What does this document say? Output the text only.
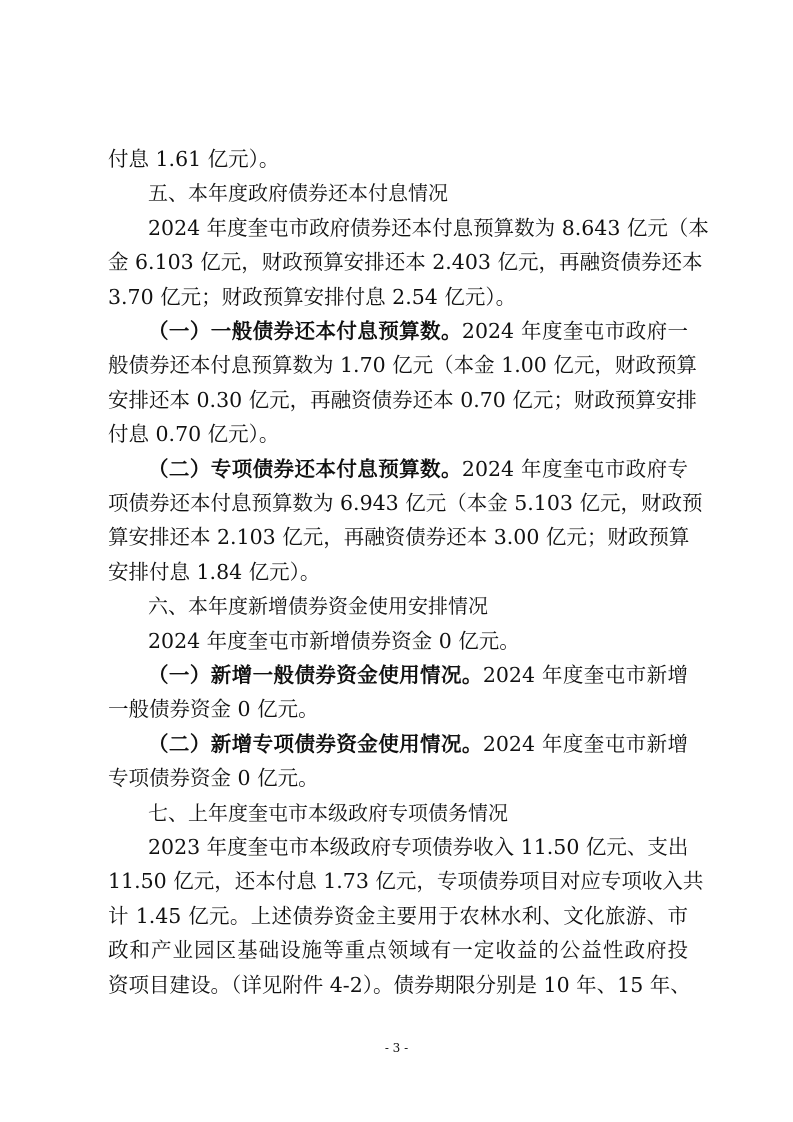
付息 1.61 亿元）。
五、本年度政府债券还本付息情况
2024 年度奎屯市政府债券还本付息预算数为 8.643 亿元（本
金 6.103 亿元，财政预算安排还本 2.403 亿元，再融资债券还本
3.70 亿元；财政预算安排付息 2.54 亿元）。
（一）一般债券还本付息预算数。2024 年度奎屯市政府一
般债券还本付息预算数为 1.70 亿元（本金 1.00 亿元，财政预算
安排还本 0.30 亿元，再融资债券还本 0.70 亿元；财政预算安排
付息 0.70 亿元）。
（二）专项债券还本付息预算数。2024 年度奎屯市政府专
项债券还本付息预算数为 6.943 亿元（本金 5.103 亿元，财政预
算安排还本 2.103 亿元，再融资债券还本 3.00 亿元；财政预算
安排付息 1.84 亿元）。
六、本年度新增债券资金使用安排情况
2024 年度奎屯市新增债券资金 0 亿元。
（一）新增一般债券资金使用情况。2024 年度奎屯市新增
一般债券资金 0 亿元。
（二）新增专项债券资金使用情况。2024 年度奎屯市新增
专项债券资金 0 亿元。
七、上年度奎屯市本级政府专项债务情况
2023 年度奎屯市本级政府专项债券收入 11.50 亿元、支出
11.50 亿元，还本付息 1.73 亿元，专项债券项目对应专项收入共
计 1.45 亿元。上述债券资金主要用于农林水利、文化旅游、市
政和产业园区基础设施等重点领域有一定收益的公益性政府投
资项目建设。（详见附件 4-2）。债券期限分别是 10 年、15 年、
- 3 -
